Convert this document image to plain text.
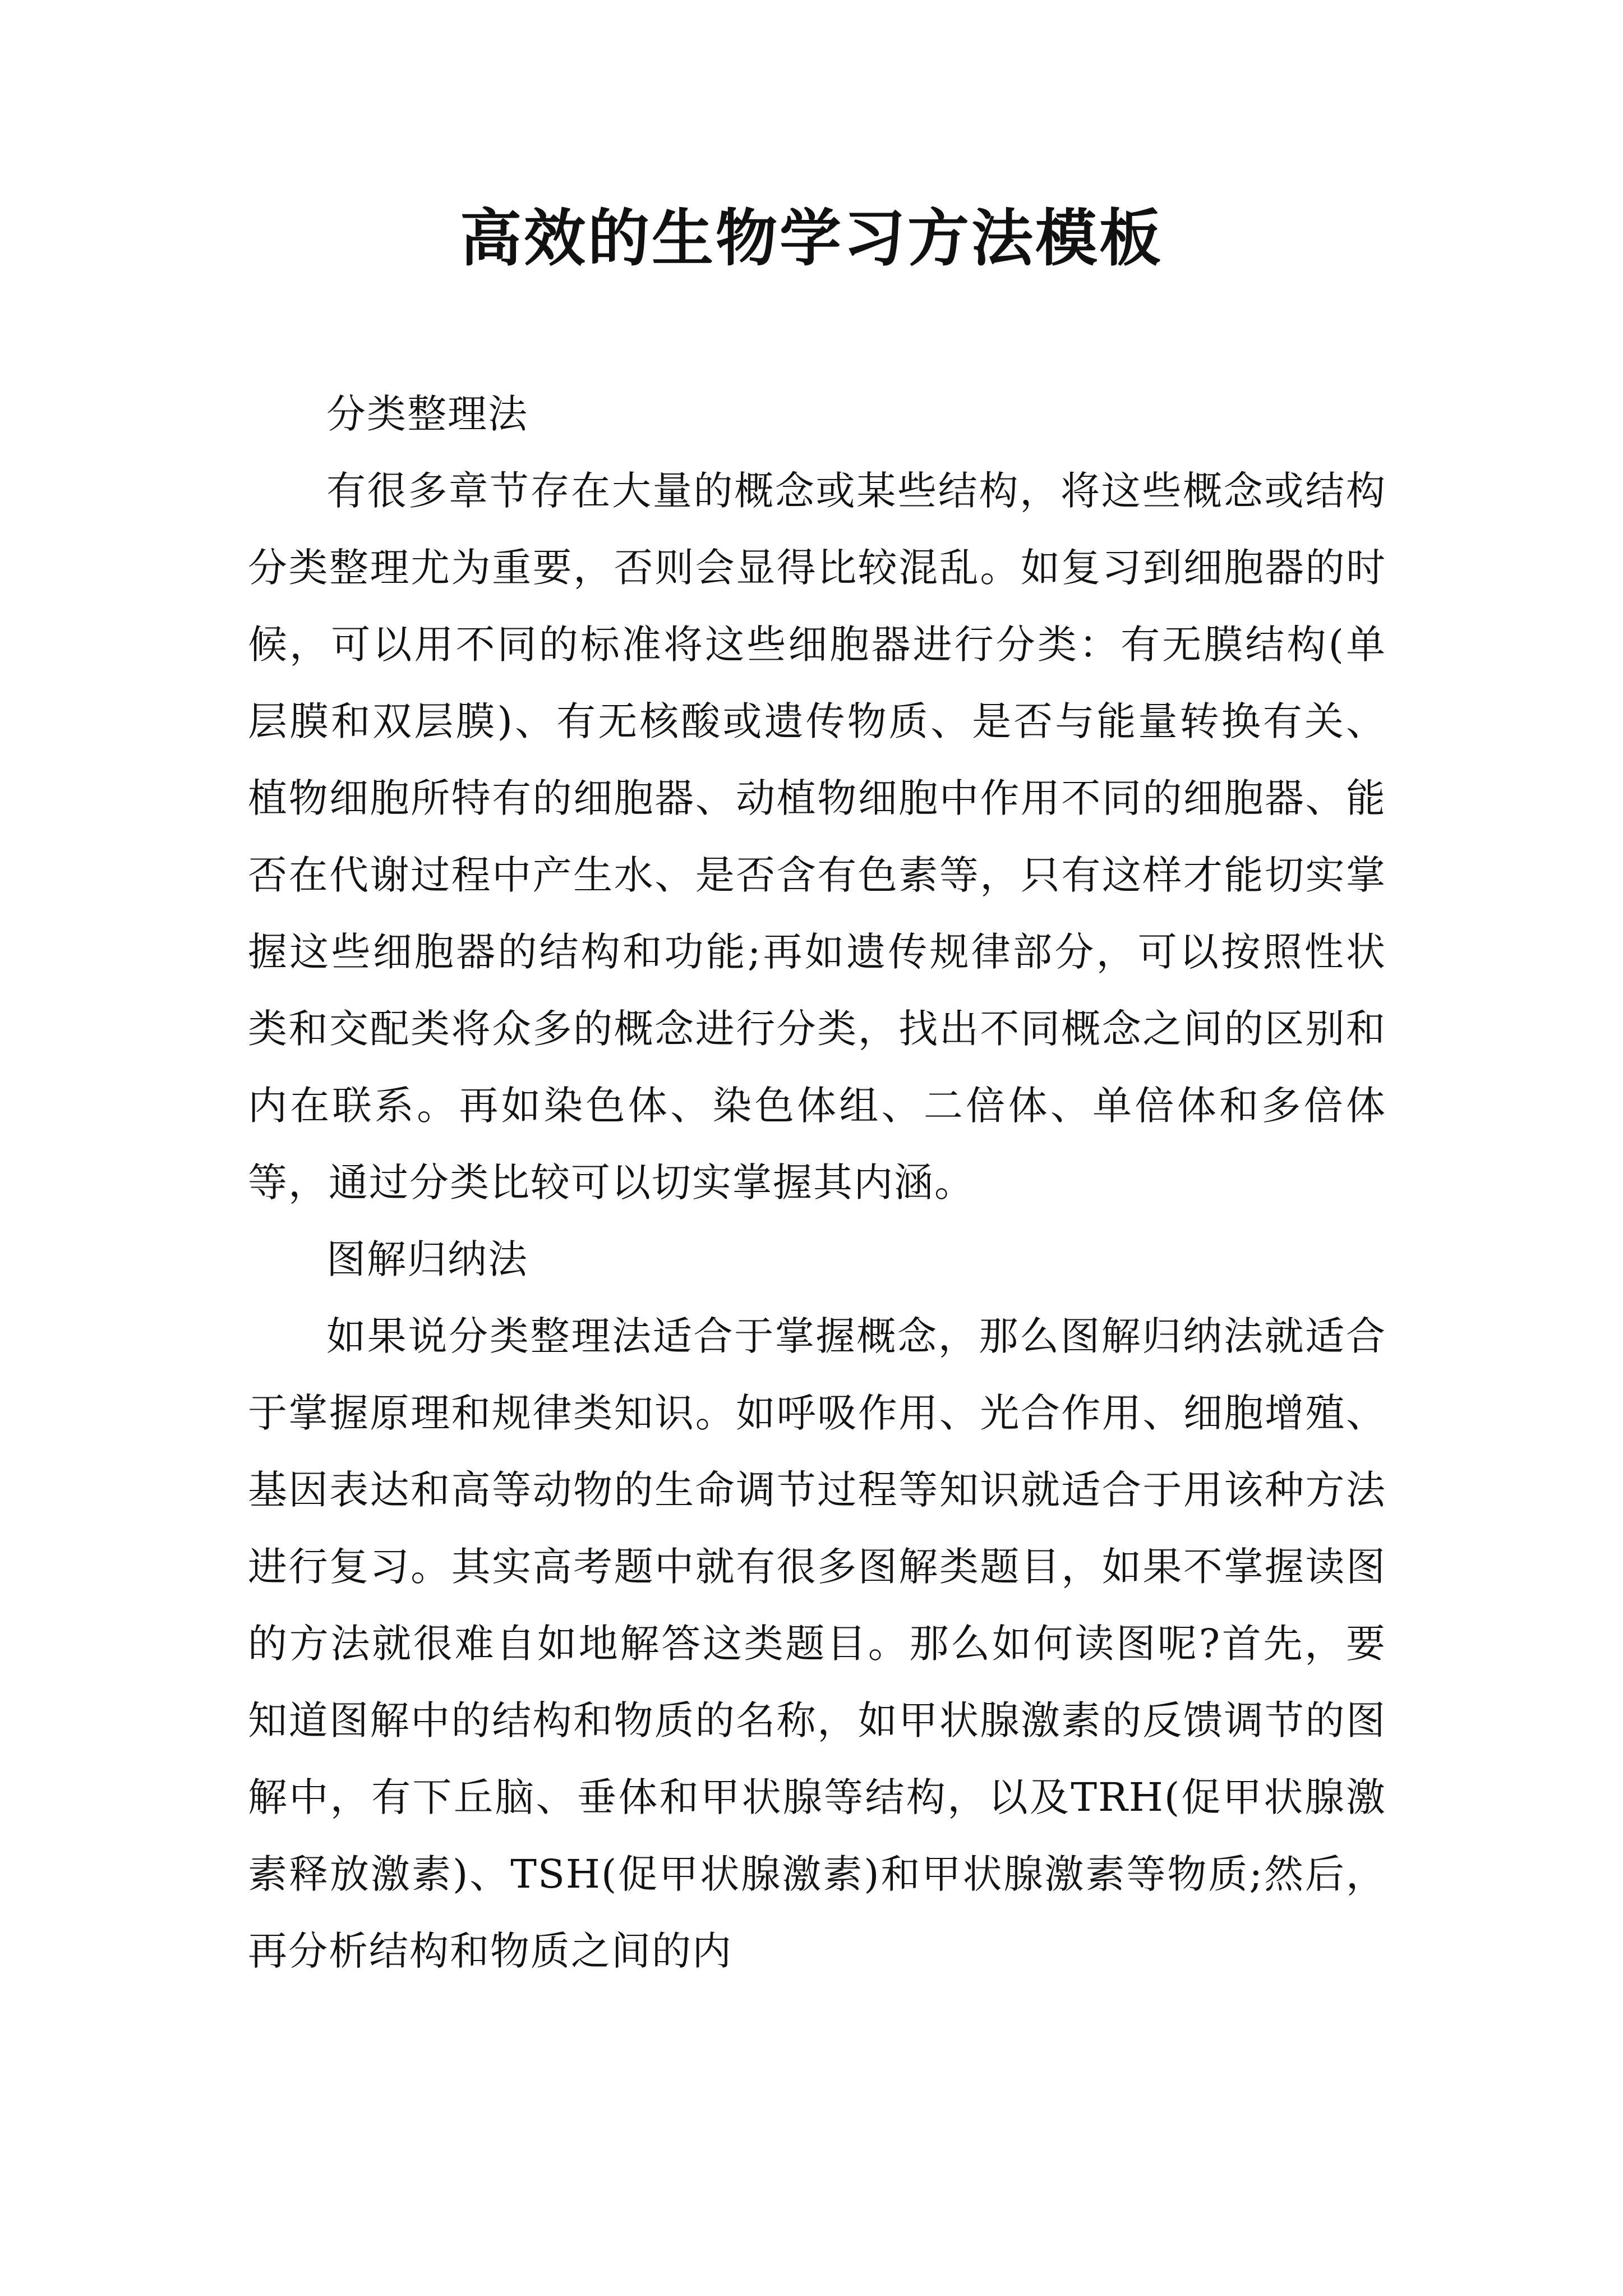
高效的生物学习方法模板

分类整理法

有很多章节存在大量的概念或某些结构，将这些概念或结构分类整理尤为重要，否则会显得比较混乱。如复习到细胞器的时候，可以用不同的标准将这些细胞器进行分类：有无膜结构(单层膜和双层膜)、有无核酸或遗传物质、是否与能量转换有关、植物细胞所特有的细胞器、动植物细胞中作用不同的细胞器、能否在代谢过程中产生水、是否含有色素等，只有这样才能切实掌握这些细胞器的结构和功能;再如遗传规律部分，可以按照性状类和交配类将众多的概念进行分类，找出不同概念之间的区别和内在联系。再如染色体、染色体组、二倍体、单倍体和多倍体等，通过分类比较可以切实掌握其内涵。

图解归纳法

如果说分类整理法适合于掌握概念，那么图解归纳法就适合于掌握原理和规律类知识。如呼吸作用、光合作用、细胞增殖、基因表达和高等动物的生命调节过程等知识就适合于用该种方法进行复习。其实高考题中就有很多图解类题目，如果不掌握读图的方法就很难自如地解答这类题目。那么如何读图呢?首先，要知道图解中的结构和物质的名称，如甲状腺激素的反馈调节的图解中，有下丘脑、垂体和甲状腺等结构，以及TRH(促甲状腺激素释放激素)、TSH(促甲状腺激素)和甲状腺激素等物质;然后，再分析结构和物质之间的内
